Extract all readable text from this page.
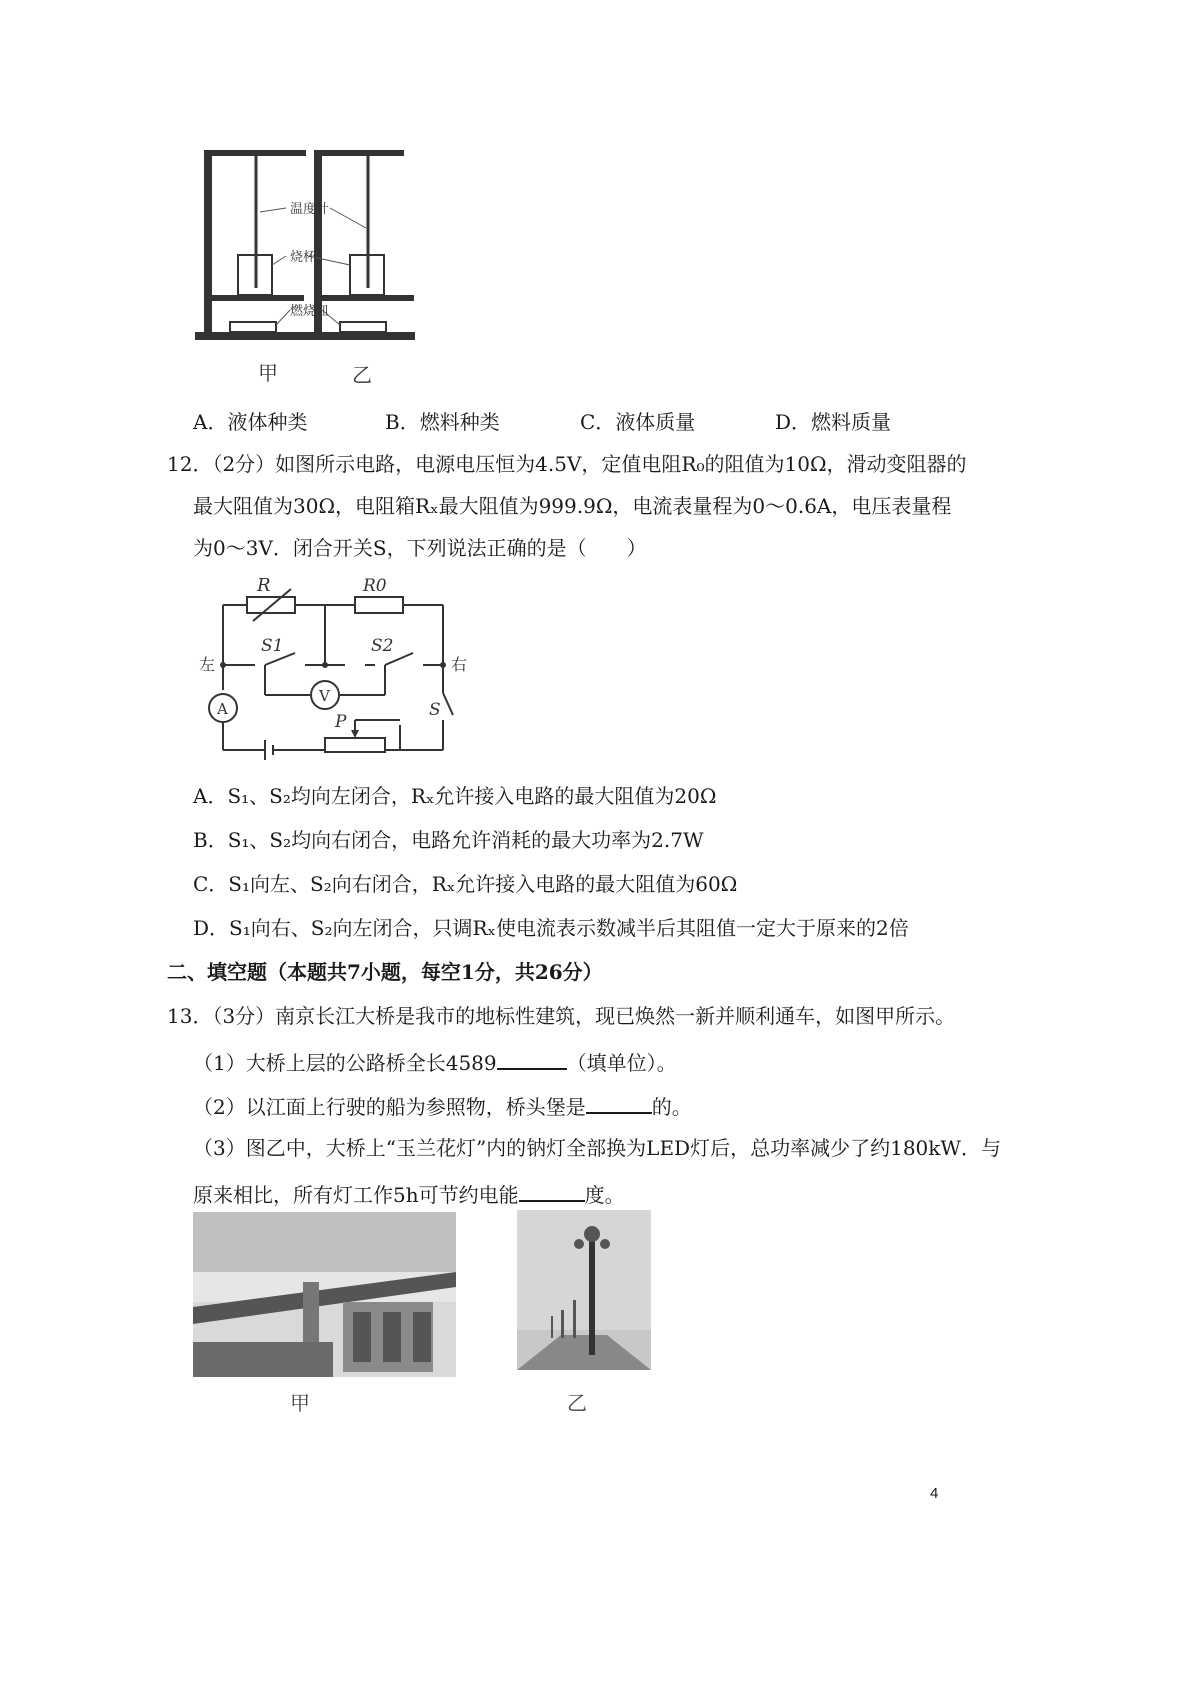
温度计
烧杯
燃烧皿
甲	乙
A．液体种类	B．燃料种类	C．液体质量	D．燃料质量
12．（2分）如图所示电路，电源电压恒为4.5V，定值电阻R₀的阻值为10Ω，滑动变阻器的
最大阻值为30Ω，电阻箱Rₓ最大阻值为999.9Ω，电流表量程为0～0.6A，电压表量程
为0～3V．闭合开关S，下列说法正确的是（　　）
R	R0
S1	S2
左	右
S
P
A
V
A．S₁、S₂均向左闭合，Rₓ允许接入电路的最大阻值为20Ω
B．S₁、S₂均向右闭合，电路允许消耗的最大功率为2.7W
C．S₁向左、S₂向右闭合，Rₓ允许接入电路的最大阻值为60Ω
D．S₁向右、S₂向左闭合，只调Rₓ使电流表示数减半后其阻值一定大于原来的2倍
二、填空题（本题共7小题，每空1分，共26分）
13．（3分）南京长江大桥是我市的地标性建筑，现已焕然一新并顺利通车，如图甲所示。
（1）大桥上层的公路桥全长4589	（填单位）。
（2）以江面上行驶的船为参照物，桥头堡是	的。
（3）图乙中，大桥上“玉兰花灯”内的钠灯全部换为LED灯后，总功率减少了约180kW．与
原来相比，所有灯工作5h可节约电能	度。
甲	乙
4
